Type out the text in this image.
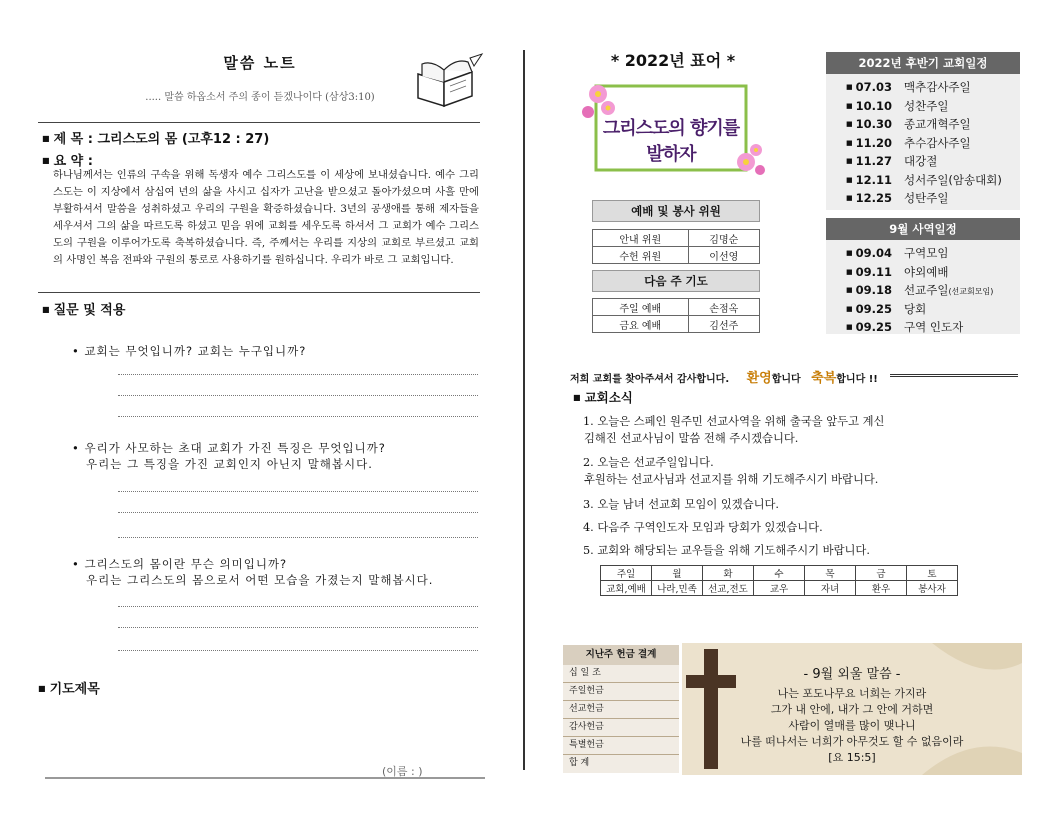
말씀 노트
..... 말씀 하옵소서 주의 종이 듣겠나이다 (삼상3:10)
■ 제 목 : 그리스도의 몸 (고후12 : 27)
■ 요 약 :
하나님께서는 인류의 구속을 위해 독생자 예수 그리스도를 이 세상에 보내셨습니다. 예수 그리스도는 이 지상에서 삼십여 년의 삶을 사시고 십자가 고난을 받으셨고 돌아가셨으며 사흘 만에 부활하셔서 말씀을 성취하셨고 우리의 구원을 확증하셨습니다. 3년의 공생애를 통해 제자들을 세우셔서 그의 삶을 따르도록 하셨고 믿음 위에 교회를 세우도록 하셔서 그 교회가 예수 그리스도의 구원을 이루어가도록 축복하셨습니다. 즉, 주께서는 우리를 지상의 교회로 부르셨고 교회의 사명인 복음 전파와 구원의 통로로 사용하기를 원하십니다. 우리가 바로 그 교회입니다.
■ 질문 및 적용
• 교회는 무엇입니까? 교회는 누구입니까?
• 우리가 사모하는 초대 교회가 가진 특징은 무엇입니까?
우리는 그 특징을 가진 교회인지 아닌지 말해봅시다.
• 그리스도의 몸이란 무슨 의미입니까?
우리는 그리스도의 몸으로서 어떤 모습을 가졌는지 말해봅시다.
■ 기도제목
(이름 : )
* 2022년 표어 *
그리스도의 향기를 발하자
예배 및 봉사 위원
안내 위원	김명순
수헌 위원	이선영
다음 주 기도
주일 예배	손점옥
금요 예배	김선주
2022년 후반기 교회일정
■ 07.03 맥추감사주일
■ 10.10 성찬주일
■ 10.30 종교개혁주일
■ 11.20 추수감사주일
■ 11.27 대강절
■ 12.11 성서주일(암송대회)
■ 12.25 성탄주일
9월 사역일정
■ 09.04 구역모임
■ 09.11 야외예배
■ 09.18 선교주일(선교회모임)
■ 09.25 당회
■ 09.25 구역 인도자
저희 교회를 찾아주셔서 감사합니다. 환영합니다 축복합니다 !!
■ 교회소식
1. 오늘은 스페인 원주민 선교사역을 위해 출국을 앞두고 계신
김해진 선교사님이 말씀 전해 주시겠습니다.
2. 오늘은 선교주일입니다.
후원하는 선교사님과 선교지를 위해 기도해주시기 바랍니다.
3. 오늘 남녀 선교회 모임이 있겠습니다.
4. 다음주 구역인도자 모임과 당회가 있겠습니다.
5. 교회와 해당되는 교우들을 위해 기도해주시기 바랍니다.
주일	월	화	수	목	금	토
교회,예배	나라,민족	선교,전도	교우	자녀	환우	봉사자
지난주 헌금 결계
십 일 조
주일헌금
선교헌금
감사헌금
특별헌금
합 계
- 9월 외울 말씀 -
나는 포도나무요 너희는 가지라
그가 내 안에, 내가 그 안에 거하면
사람이 열매를 많이 맺나니
나를 떠나서는 너희가 아무것도 할 수 없음이라
[요 15:5]
